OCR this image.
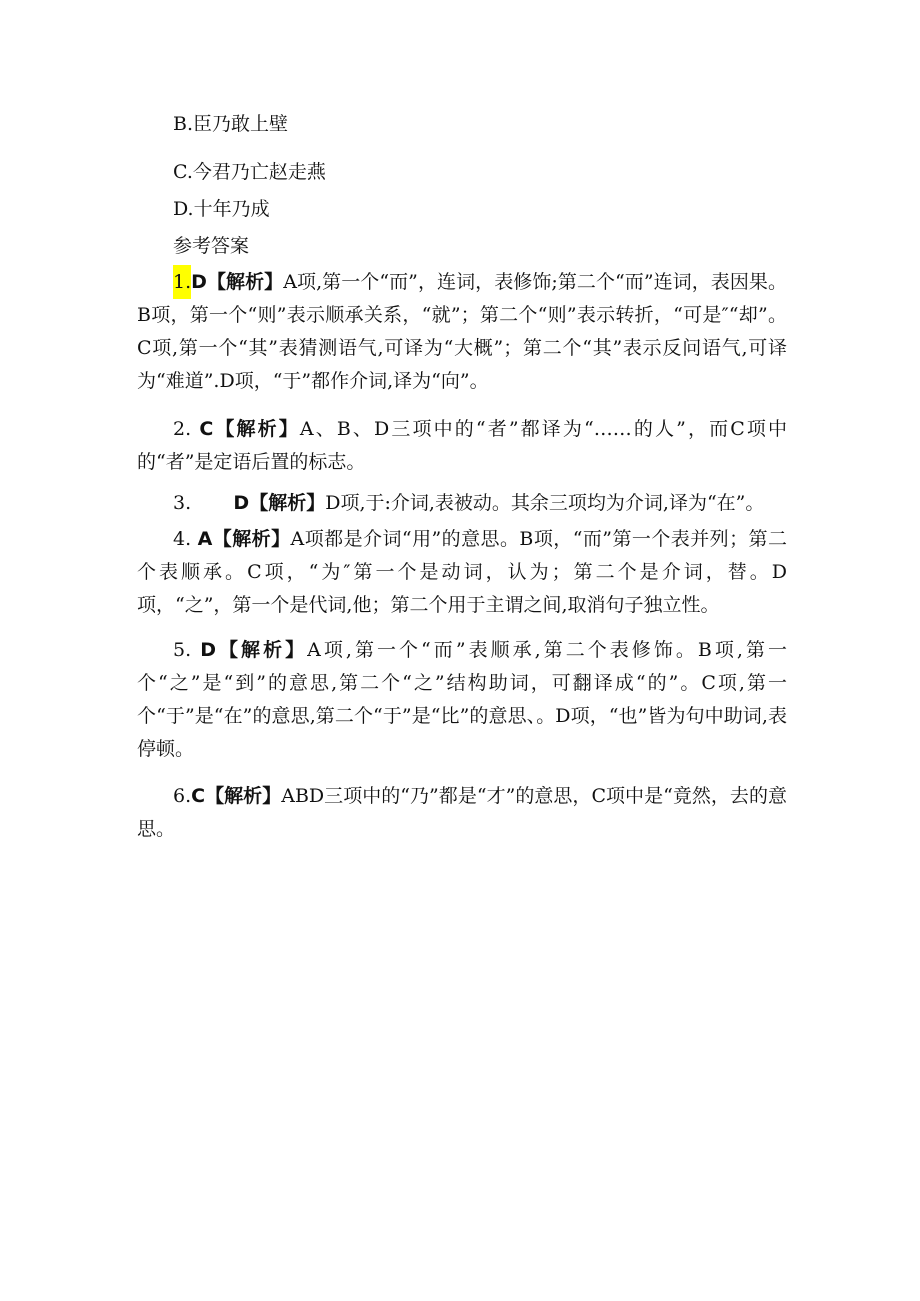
B.臣乃敢上壁
C.今君乃亡赵走燕
D.十年乃成
参考答案
1.D【解析】A项,第一个“而”，连词，表修饰;第二个“而”连词，表因果。B项，第一个“则”表示顺承关系，“就”；第二个“则”表示转折，“可是″“却”。C项,第一个“其”表猜测语气,可译为“大概”；第二个“其”表示反问语气,可译为“难道”.D项，“于”都作介词,译为“向”。
2. C【解析】A、B、D三项中的“者”都译为“……的人”，而C项中的“者”是定语后置的标志。
3. D【解析】D项,于:介词,表被动。其余三项均为介词,译为“在”。
4. A【解析】A项都是介词“用”的意思。B项，“而”第一个表并列；第二个表顺承。C项，“为″第一个是动词，认为；第二个是介词，替。D项，“之”，第一个是代词,他；第二个用于主谓之间,取消句子独立性。
5. D【解析】A项,第一个“而”表顺承,第二个表修饰。B项,第一个“之”是“到”的意思,第二个“之”结构助词，可翻译成“的”。C项,第一个“于”是“在”的意思,第二个“于”是“比”的意思、。D项，“也”皆为句中助词,表停顿。
6.C【解析】ABD三项中的“乃”都是“才”的意思，C项中是“竟然，去的意思。
